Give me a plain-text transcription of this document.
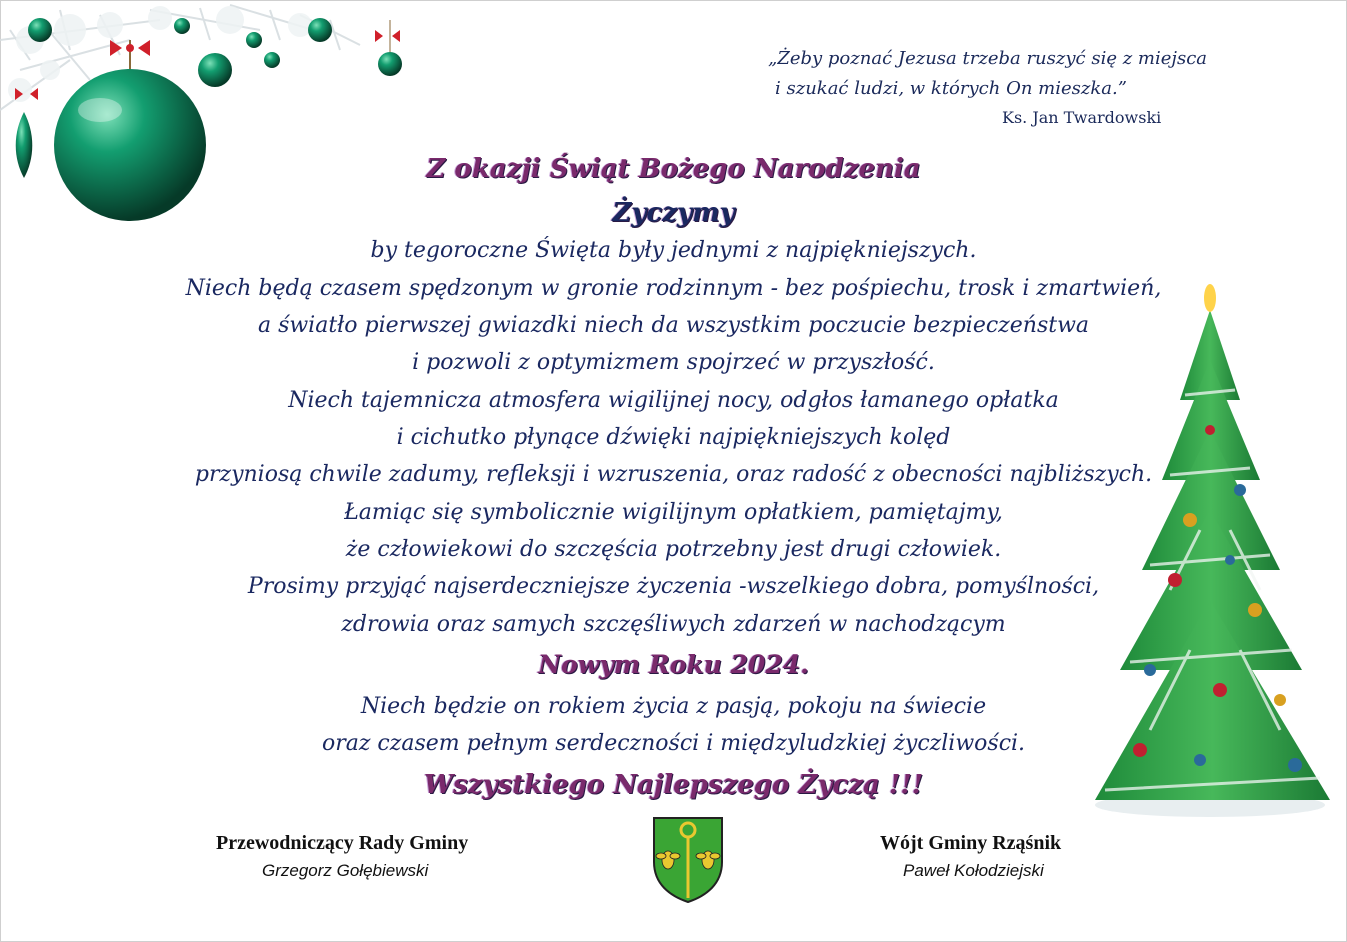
„Żeby poznać Jezusa trzeba ruszyć się z miejsca
i szukać ludzi, w których On mieszka.”
Ks. Jan Twardowski
Z okazji Świąt Bożego Narodzenia
Życzymy
by tegoroczne Święta były jednymi z najpiękniejszych.
Niech będą czasem spędzonym w gronie rodzinnym - bez pośpiechu, trosk i zmartwień,
a światło pierwszej gwiazdki niech da wszystkim poczucie bezpieczeństwa
i pozwoli z optymizmem spojrzeć w przyszłość.
Niech tajemnicza atmosfera wigilijnej nocy, odgłos łamanego opłatka
i cichutko płynące dźwięki najpiękniejszych kolęd
przyniosą chwile zadumy, refleksji i wzruszenia, oraz radość z obecności najbliższych.
Łamiąc się symbolicznie wigilijnym opłatkiem, pamiętajmy,
że człowiekowi do szczęścia potrzebny jest drugi człowiek.
Prosimy przyjąć najserdeczniejsze życzenia -wszelkiego dobra, pomyślności,
zdrowia oraz samych szczęśliwych zdarzeń w nachodzącym
Nowym Roku 2024.
Niech będzie on rokiem życia z pasją, pokoju na świecie
oraz czasem pełnym serdeczności i międzyludzkiej życzliwości.
Wszystkiego Najlepszego Życzą !!!
Przewodniczący Rady Gminy
Grzegorz Gołębiewski
Wójt Gminy Rząśnik
Paweł Kołodziejski
